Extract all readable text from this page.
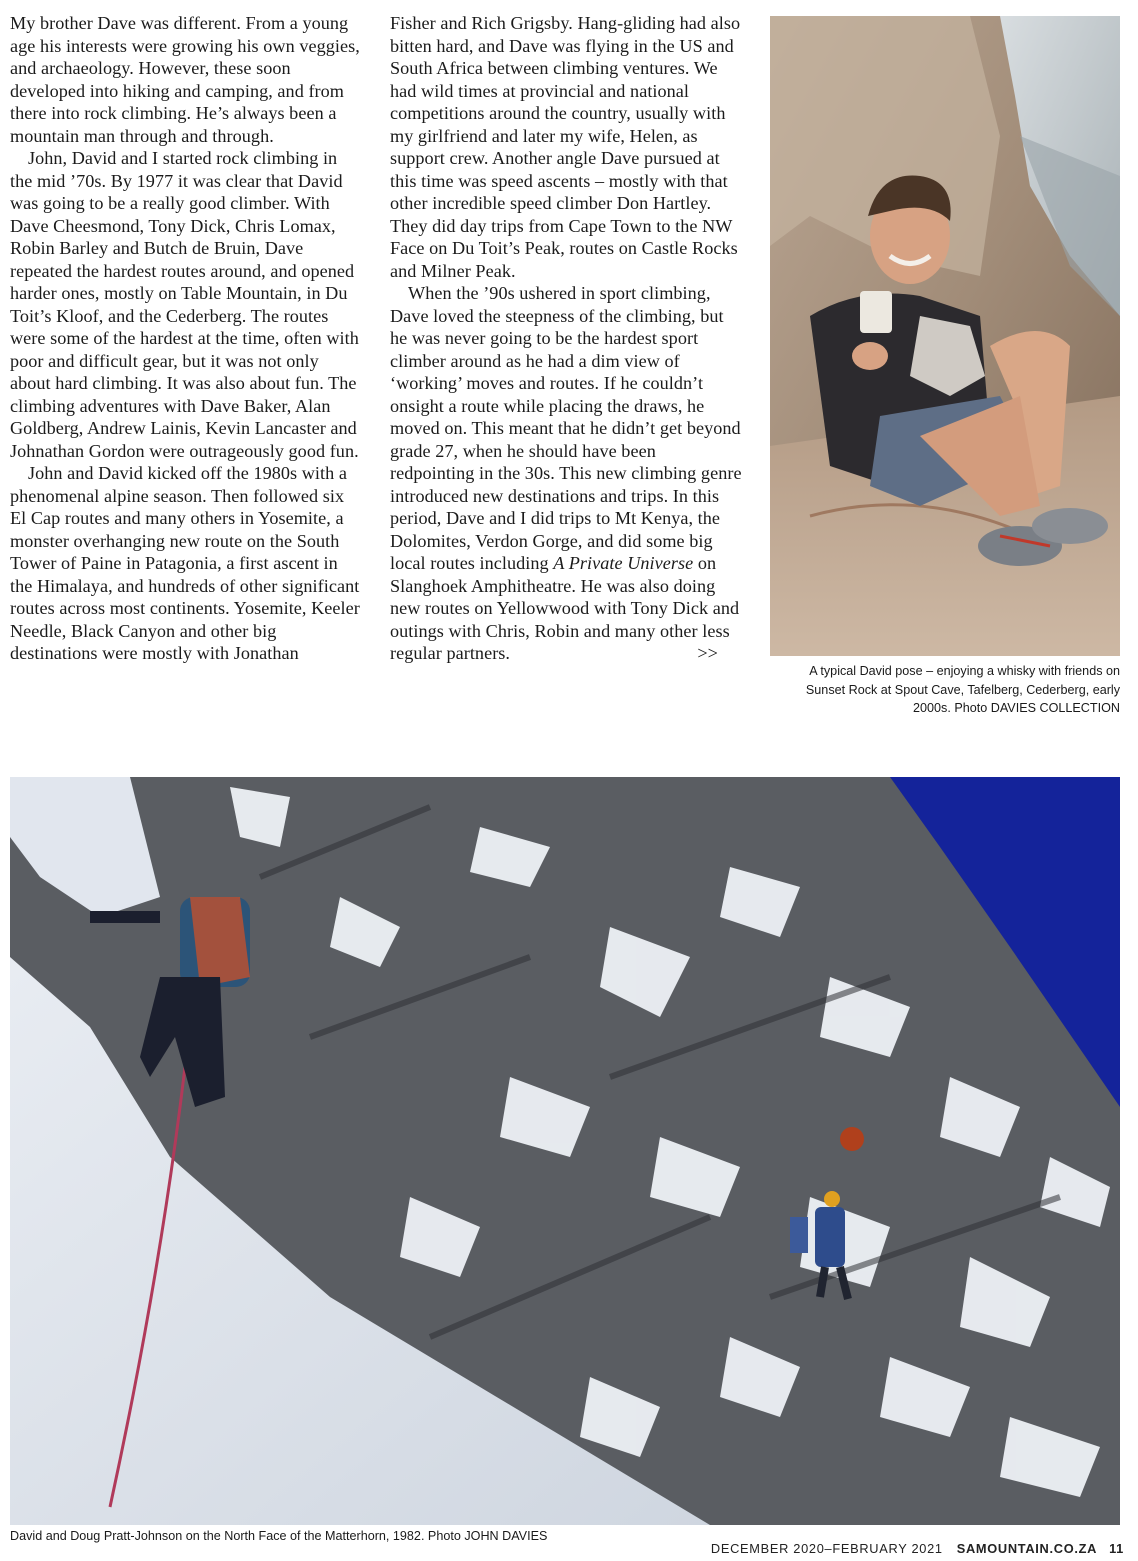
My brother Dave was different. From a young age his interests were growing his own veggies, and archaeology. However, these soon developed into hiking and camping, and from there into rock climbing. He’s always been a mountain man through and through.

John, David and I started rock climbing in the mid ’70s. By 1977 it was clear that David was going to be a really good climber. With Dave Cheesmond, Tony Dick, Chris Lomax, Robin Barley and Butch de Bruin, Dave repeated the hardest routes around, and opened harder ones, mostly on Table Mountain, in Du Toit’s Kloof, and the Cederberg. The routes were some of the hardest at the time, often with poor and difficult gear, but it was not only about hard climbing. It was also about fun. The climbing adventures with Dave Baker, Alan Goldberg, Andrew Lainis, Kevin Lancaster and Johnathan Gordon were outrageously good fun.

John and David kicked off the 1980s with a phenomenal alpine season. Then followed six El Cap routes and many others in Yosemite, a monster overhanging new route on the South Tower of Paine in Patagonia, a first ascent in the Himalaya, and hundreds of other significant routes across most continents. Yosemite, Keeler Needle, Black Canyon and other big destinations were mostly with Jonathan

Fisher and Rich Grigsby. Hang-gliding had also bitten hard, and Dave was flying in the US and South Africa between climbing ventures. We had wild times at provincial and national competitions around the country, usually with my girlfriend and later my wife, Helen, as support crew. Another angle Dave pursued at this time was speed ascents – mostly with that other incredible speed climber Don Hartley. They did day trips from Cape Town to the NW Face on Du Toit’s Peak, routes on Castle Rocks and Milner Peak.

When the ’90s ushered in sport climbing, Dave loved the steepness of the climbing, but he was never going to be the hardest sport climber around as he had a dim view of ‘working’ moves and routes. If he couldn’t onsight a route while placing the draws, he moved on. This meant that he didn’t get beyond grade 27, when he should have been redpointing in the 30s. This new climbing genre introduced new destinations and trips. In this period, Dave and I did trips to Mt Kenya, the Dolomites, Verdon Gorge, and did some big local routes including A Private Universe on Slanghoek Amphitheatre. He was also doing new routes on Yellowwood with Tony Dick and outings with Chris, Robin and many other less regular partners.	>>

A typical David pose – enjoying a whisky with friends on Sunset Rock at Spout Cave, Tafelberg, Cederberg, early 2000s. Photo DAVIES COLLECTION
David and Doug Pratt-Johnson on the North Face of the Matterhorn, 1982. Photo JOHN DAVIES
DECEMBER 2020–FEBRUARY 2021 SAMOUNTAIN.CO.ZA 11
